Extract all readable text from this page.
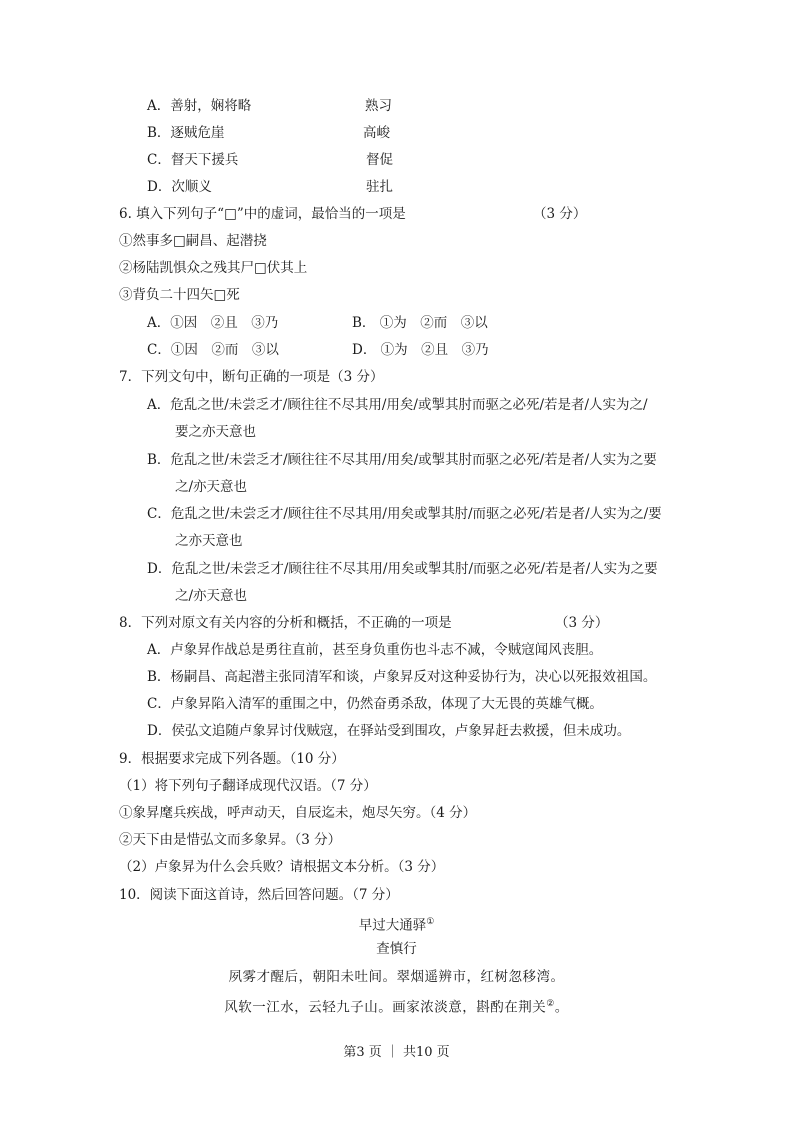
A．善射，娴将略	熟习
B．逐贼危崖	高峻
C．督天下援兵	督促
D．次顺义	驻扎
6. 填入下列句子“□”中的虚词，最恰当的一项是	（3 分）
①然事多□嗣昌、起潜挠
②杨陆凯惧众之残其尸□伏其上
③背负二十四矢□死
A．①因　②且　③乃	B． ①为　②而　③以
C．①因　②而　③以	D． ①为　②且　③乃
7．下列文句中，断句正确的一项是（3 分）
A．危乱之世/未尝乏才/顾往往不尽其用/用矣/或掣其肘而驱之必死/若是者/人实为之/
要之亦天意也
B．危乱之世/未尝乏才/顾往往不尽其用/用矣/或掣其肘而驱之必死/若是者/人实为之要
之/亦天意也
C．危乱之世/未尝乏才/顾往往不尽其用/用矣或掣其肘/而驱之必死/若是者/人实为之/要
之亦天意也
D．危乱之世/未尝乏才/顾往往不尽其用/用矣或掣其肘/而驱之必死/若是者/人实为之要
之/亦天意也
8．下列对原文有关内容的分析和概括，不正确的一项是	（3 分）
A．卢象昇作战总是勇往直前，甚至身负重伤也斗志不减，令贼寇闻风丧胆。
B．杨嗣昌、高起潜主张同清军和谈，卢象昇反对这种妥协行为，决心以死报效祖国。
C．卢象昇陷入清军的重围之中，仍然奋勇杀敌，体现了大无畏的英雄气概。
D．侯弘文追随卢象昇讨伐贼寇，在驿站受到围攻，卢象昇赶去救援，但未成功。
9．根据要求完成下列各题。（10 分）
（1）将下列句子翻译成现代汉语。（7 分）
①象昇麾兵疾战，呼声动天，自辰迄未，炮尽矢穷。（4 分）
②天下由是惜弘文而多象昇。（3 分）
（2）卢象昇为什么会兵败？请根据文本分析。（3 分）
10．阅读下面这首诗，然后回答问题。（7 分）
早过大通驿①
查慎行
夙雾才醒后，朝阳未吐间。翠烟遥辨市，红树忽移湾。
风软一江水，云轻九子山。画家浓淡意，斟酌在荆关②。
第3 页 ｜ 共10 页
